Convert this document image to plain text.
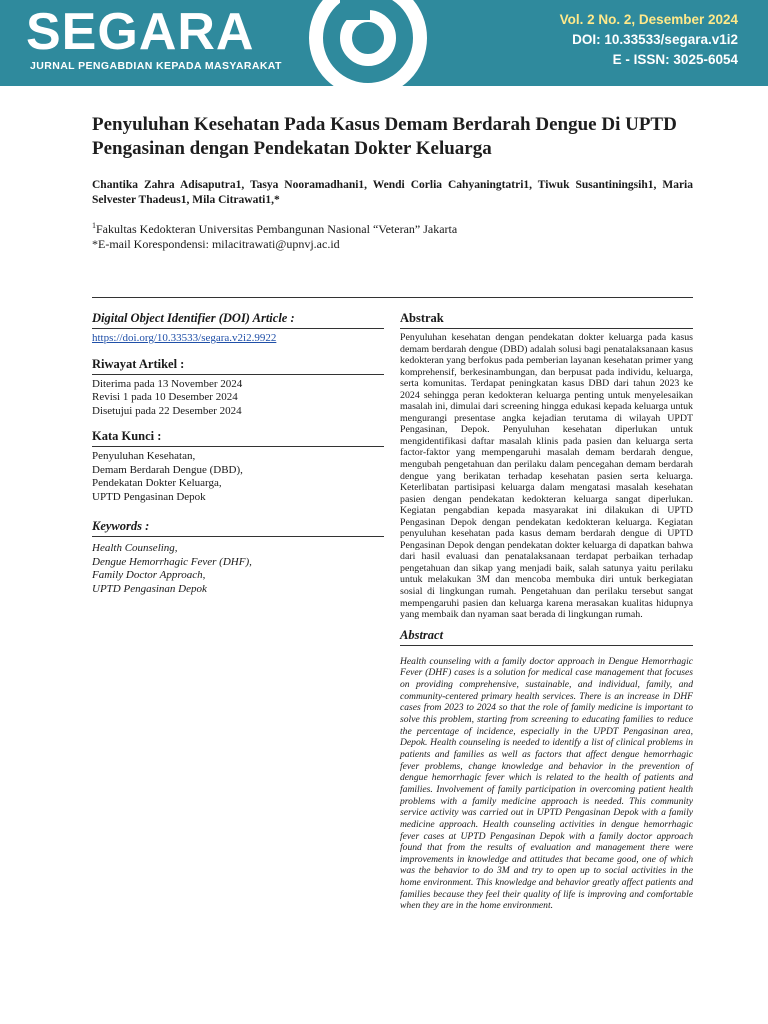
SEGARA
JURNAL PENGABDIAN KEPADA MASYARAKAT
Vol. 2 No. 2, Desember 2024
DOI: 10.33533/segara.v1i2
E - ISSN: 3025-6054
Penyuluhan Kesehatan Pada Kasus Demam Berdarah Dengue Di UPTD Pengasinan dengan Pendekatan Dokter Keluarga
Chantika Zahra Adisaputra1, Tasya Nooramadhani1, Wendi Corlia Cahyaningtatri1, Tiwuk Susantiningsih1, Maria Selvester Thadeus1, Mila Citrawati1,*
$^1$Fakultas Kedokteran Universitas Pembangunan Nasional “Veteran” Jakarta
*E-mail Korespondensi: milacitrawati@upnvj.ac.id
Digital Object Identifier (DOI) Article :
https://doi.org/10.33533/segara.v2i2.9922
Riwayat Artikel :
Diterima pada 13 November 2024
Revisi 1 pada 10 Desember 2024
Disetujui pada 22 Desember 2024
Kata Kunci :
Penyuluhan Kesehatan,
Demam Berdarah Dengue (DBD),
Pendekatan Dokter Keluarga,
UPTD Pengasinan Depok
Keywords :
Health Counseling,
Dengue Hemorrhagic Fever (DHF),
Family Doctor Approach,
UPTD Pengasinan Depok
Abstrak
Penyuluhan kesehatan dengan pendekatan dokter keluarga pada kasus demam berdarah dengue (DBD) adalah solusi bagi penatalaksanaan kasus kedokteran yang berfokus pada pemberian layanan kesehatan primer yang komprehensif, berkesinambungan, dan berpusat pada individu, keluarga, serta komunitas. Terdapat peningkatan kasus DBD dari tahun 2023 ke 2024 sehingga peran kedokteran keluarga penting untuk menyelesaikan masalah ini, dimulai dari screening hingga edukasi kepada keluarga untuk mengurangi presentase angka kejadian terutama di wilayah UPDT Pengasinan, Depok. Penyuluhan kesehatan diperlukan untuk mengidentifikasi daftar masalah klinis pada pasien dan keluarga serta factor-faktor yang mempengaruhi masalah demam berdarah dengue, mengubah pengetahuan dan perilaku dalam pencegahan demam berdarah dengue yang berikatan terhadap kesehatan pasien serta keluarga. Keterlibatan partisipasi keluarga dalam mengatasi masalah kesehatan pasien dengan pendekatan kedokteran keluarga sangat diperlukan. Kegiatan pengabdian kepada masyarakat ini dilakukan di UPTD Pengasinan Depok dengan pendekatan kedokteran keluarga. Kegiatan penyuluhan kesehatan pada kasus demam berdarah dengue di UPTD Pengasinan Depok dengan pendekatan dokter keluarga di dapatkan bahwa dari hasil evaluasi dan penatalaksanaan terdapat perbaikan terhadap pengetahuan dan sikap yang menjadi baik, salah satunya yaitu perilaku untuk melakukan 3M dan mencoba membuka diri untuk berkegiatan sosial di lingkungan rumah. Pengetahuan dan perilaku tersebut sangat mempengaruhi pasien dan keluarga karena merasakan kualitas hidupnya yang membaik dan nyaman saat berada di lingkungan rumah.
Abstract
Health counseling with a family doctor approach in Dengue Hemorrhagic Fever (DHF) cases is a solution for medical case management that focuses on providing comprehensive, sustainable, and individual, family, and community-centered primary health services. There is an increase in DHF cases from 2023 to 2024 so that the role of family medicine is important to solve this problem, starting from screening to educating families to reduce the percentage of incidence, especially in the UPDT Pengasinan area, Depok. Health counseling is needed to identify a list of clinical problems in patients and families as well as factors that affect dengue hemorrhagic fever problems, change knowledge and behavior in the prevention of dengue hemorrhagic fever which is related to the health of patients and families. Involvement of family participation in overcoming patient health problems with a family medicine approach is needed. This community service activity was carried out in UPTD Pengasinan Depok with a family medicine approach. Health counseling activities in dengue hemorrhagic fever cases at UPTD Pengasinan Depok with a family doctor approach found that from the results of evaluation and management there were improvements in knowledge and attitudes that became good, one of which was the behavior to do 3M and try to open up to social activities in the home environment. This knowledge and behavior greatly affect patients and families because they feel their quality of life is improving and comfortable when they are in the home environment.
